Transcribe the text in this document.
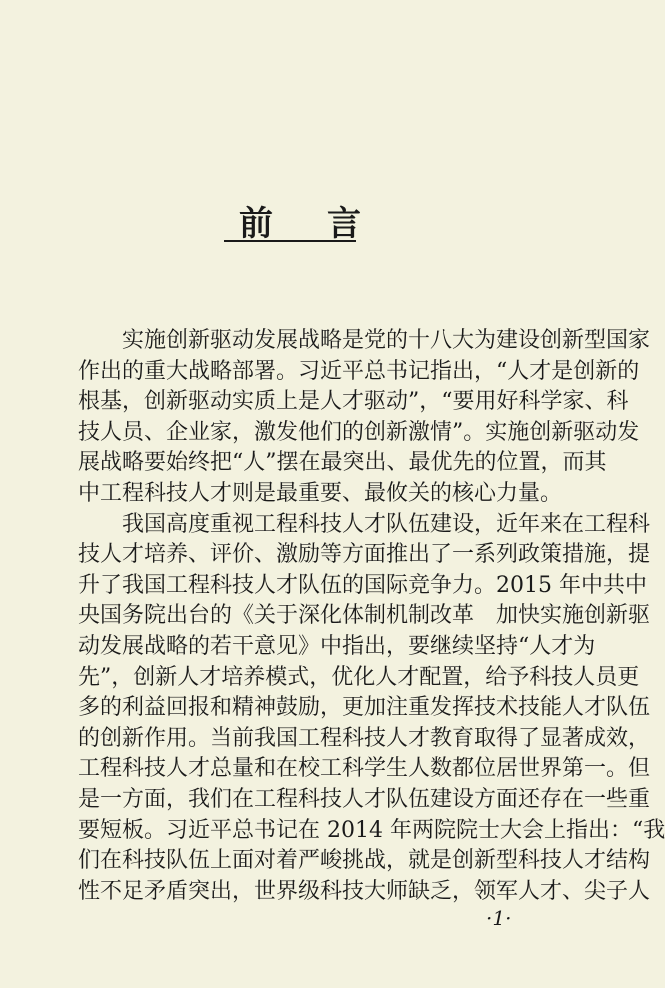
前言
实施创新驱动发展战略是党的十八大为建设创新型国家
作出的重大战略部署。习近平总书记指出，“人才是创新的
根基，创新驱动实质上是人才驱动”，“要用好科学家、科
技人员、企业家，激发他们的创新激情”。实施创新驱动发
展战略要始终把“人”摆在最突出、最优先的位置，而其
中工程科技人才则是最重要、最攸关的核心力量。
我国高度重视工程科技人才队伍建设，近年来在工程科
技人才培养、评价、激励等方面推出了一系列政策措施，提
升了我国工程科技人才队伍的国际竞争力。2015 年中共中
央国务院出台的《关于深化体制机制改革　加快实施创新驱
动发展战略的若干意见》中指出，要继续坚持“人才为
先”，创新人才培养模式，优化人才配置，给予科技人员更
多的利益回报和精神鼓励，更加注重发挥技术技能人才队伍
的创新作用。当前我国工程科技人才教育取得了显著成效，
工程科技人才总量和在校工科学生人数都位居世界第一。但
是一方面，我们在工程科技人才队伍建设方面还存在一些重
要短板。习近平总书记在 2014 年两院院士大会上指出：“我
们在科技队伍上面对着严峻挑战，就是创新型科技人才结构
性不足矛盾突出，世界级科技大师缺乏，领军人才、尖子人
·1·
